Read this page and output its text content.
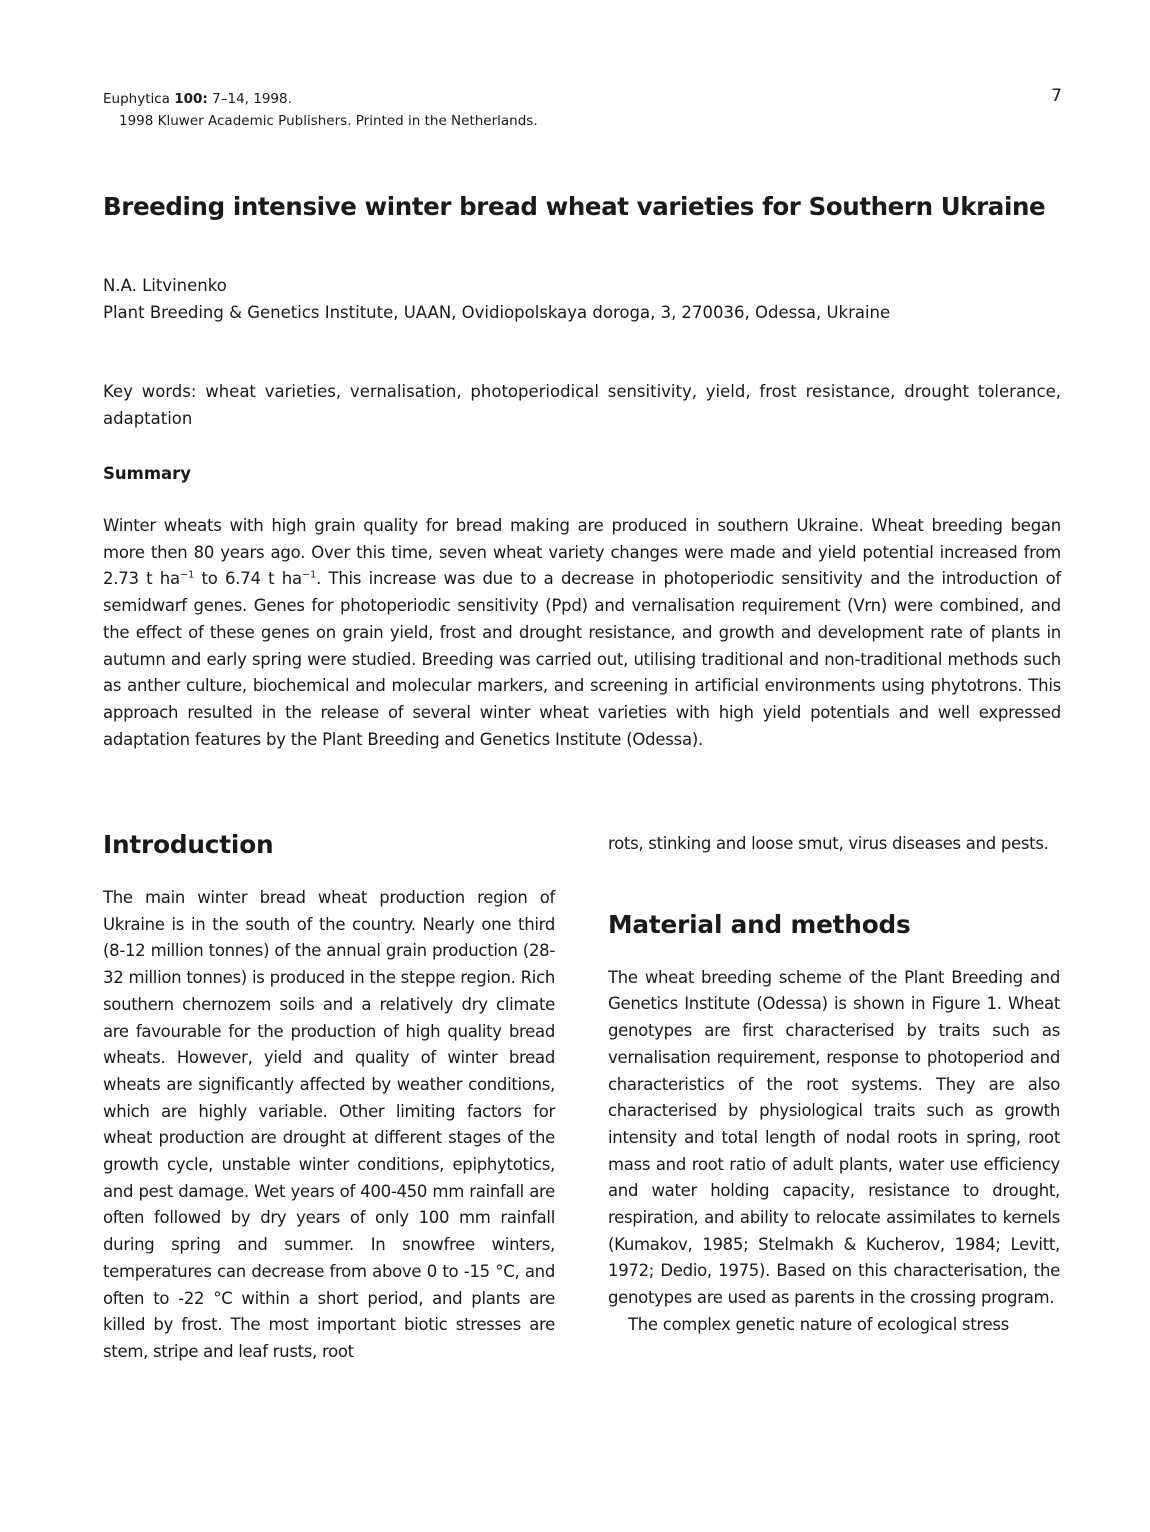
Euphytica 100: 7–14, 1998.
1998 Kluwer Academic Publishers. Printed in the Netherlands.
7
Breeding intensive winter bread wheat varieties for Southern Ukraine
N.A. Litvinenko
Plant Breeding & Genetics Institute, UAAN, Ovidiopolskaya doroga, 3, 270036, Odessa, Ukraine
Key words: wheat varieties, vernalisation, photoperiodical sensitivity, yield, frost resistance, drought tolerance, adaptation
Summary
Winter wheats with high grain quality for bread making are produced in southern Ukraine. Wheat breeding began more then 80 years ago. Over this time, seven wheat variety changes were made and yield potential increased from 2.73 t $ha^{-1}$ to 6.74 t $ha^{-1}$. This increase was due to a decrease in photoperiodic sensitivity and the introduction of semidwarf genes. Genes for photoperiodic sensitivity (Ppd) and vernalisation requirement (Vrn) were combined, and the effect of these genes on grain yield, frost and drought resistance, and growth and development rate of plants in autumn and early spring were studied. Breeding was carried out, utilising traditional and non-traditional methods such as anther culture, biochemical and molecular markers, and screening in artificial environments using phytotrons. This approach resulted in the release of several winter wheat varieties with high yield potentials and well expressed adaptation features by the Plant Breeding and Genetics Institute (Odessa).
Introduction

The main winter bread wheat production region of Ukraine is in the south of the country. Nearly one third (8-12 million tonnes) of the annual grain production (28-32 million tonnes) is produced in the steppe region. Rich southern chernozem soils and a relatively dry climate are favourable for the production of high quality bread wheats. However, yield and quality of winter bread wheats are significantly affected by weather conditions, which are highly variable. Other limiting factors for wheat production are drought at different stages of the growth cycle, unstable winter conditions, epiphytotics, and pest damage. Wet years of 400-450 mm rainfall are often followed by dry years of only 100 mm rainfall during spring and summer. In snowfree winters, temperatures can decrease from above 0 to -15 °C, and often to -22 °C within a short period, and plants are killed by frost. The most important biotic stresses are stem, stripe and leaf rusts, root

rots, stinking and loose smut, virus diseases and pests.

Material and methods

The wheat breeding scheme of the Plant Breeding and Genetics Institute (Odessa) is shown in Figure 1. Wheat genotypes are first characterised by traits such as vernalisation requirement, response to photoperiod and characteristics of the root systems. They are also characterised by physiological traits such as growth intensity and total length of nodal roots in spring, root mass and root ratio of adult plants, water use efficiency and water holding capacity, resistance to drought, respiration, and ability to relocate assimilates to kernels (Kumakov, 1985; Stelmakh & Kucherov, 1984; Levitt, 1972; Dedio, 1975). Based on this characterisation, the genotypes are used as parents in the crossing program.

The complex genetic nature of ecological stress
